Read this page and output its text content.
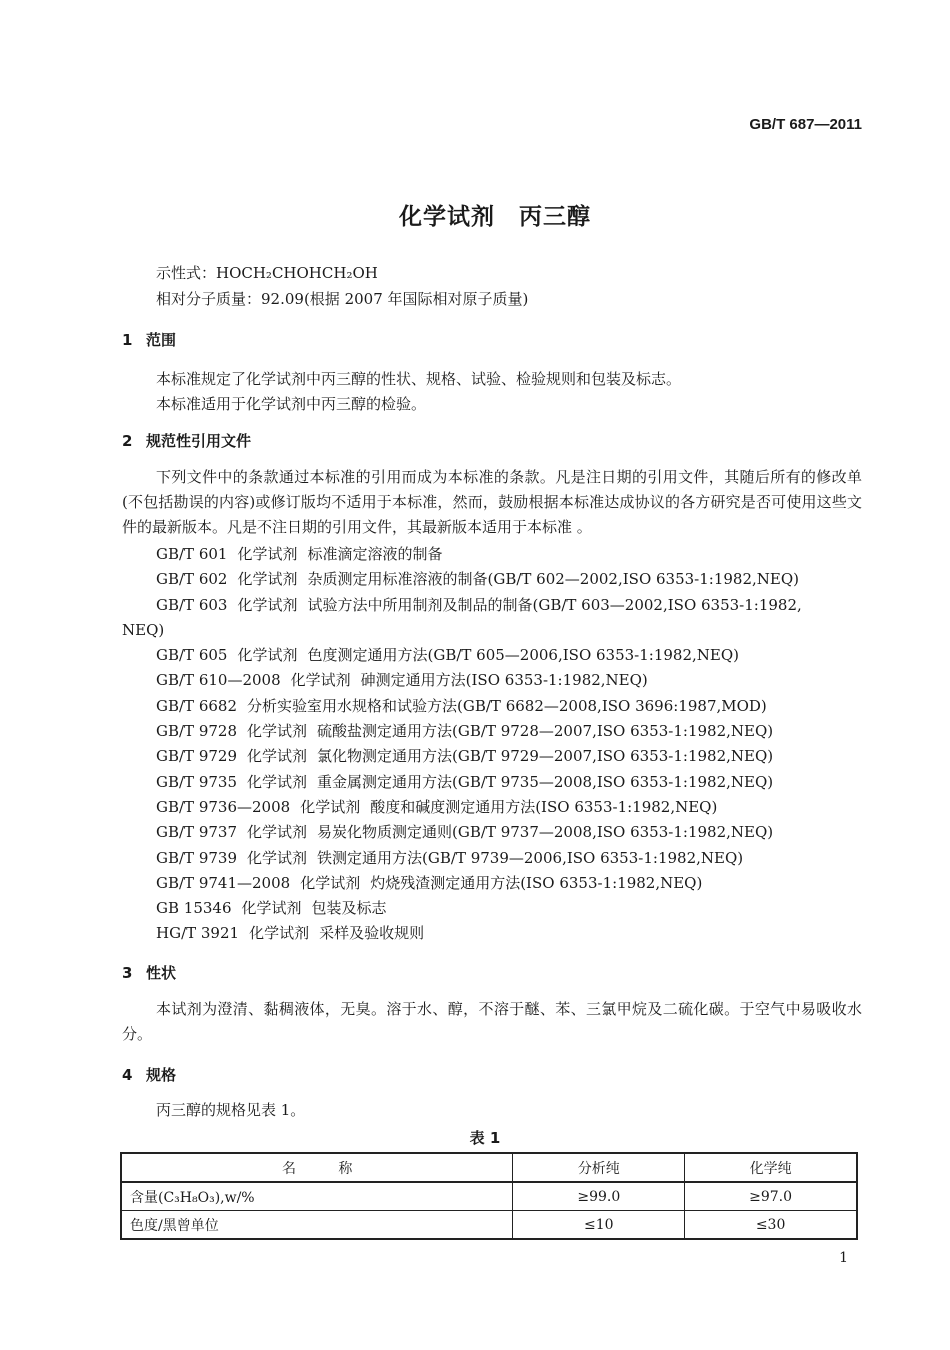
GB/T 687—2011
化学试剂　丙三醇
示性式：HOCH₂CHOHCH₂OH
相对分子质量：92.09(根据 2007 年国际相对原子质量)
1 范围
本标准规定了化学试剂中丙三醇的性状、规格、试验、检验规则和包装及标志。
本标准适用于化学试剂中丙三醇的检验。
2 规范性引用文件

下列文件中的条款通过本标准的引用而成为本标准的条款。凡是注日期的引用文件，其随后所有的修改单(不包括勘误的内容)或修订版均不适用于本标准，然而，鼓励根据本标准达成协议的各方研究是否可使用这些文件的最新版本。凡是不注日期的引用文件，其最新版本适用于本标准 。

GB/T 601 化学试剂 标准滴定溶液的制备
GB/T 602 化学试剂 杂质测定用标准溶液的制备(GB/T 602—2002,ISO 6353-1:1982,NEQ)
GB/T 603 化学试剂 试验方法中所用制剂及制品的制备(GB/T 603—2002,ISO 6353-1:1982,
NEQ)
GB/T 605 化学试剂 色度测定通用方法(GB/T 605—2006,ISO 6353-1:1982,NEQ)
GB/T 610—2008 化学试剂 砷测定通用方法(ISO 6353-1:1982,NEQ)
GB/T 6682 分析实验室用水规格和试验方法(GB/T 6682—2008,ISO 3696:1987,MOD)
GB/T 9728 化学试剂 硫酸盐测定通用方法(GB/T 9728—2007,ISO 6353-1:1982,NEQ)
GB/T 9729 化学试剂 氯化物测定通用方法(GB/T 9729—2007,ISO 6353-1:1982,NEQ)
GB/T 9735 化学试剂 重金属测定通用方法(GB/T 9735—2008,ISO 6353-1:1982,NEQ)
GB/T 9736—2008 化学试剂 酸度和碱度测定通用方法(ISO 6353-1:1982,NEQ)
GB/T 9737 化学试剂 易炭化物质测定通则(GB/T 9737—2008,ISO 6353-1:1982,NEQ)
GB/T 9739 化学试剂 铁测定通用方法(GB/T 9739—2006,ISO 6353-1:1982,NEQ)
GB/T 9741—2008 化学试剂 灼烧残渣测定通用方法(ISO 6353-1:1982,NEQ)
GB 15346 化学试剂 包装及标志
HG/T 3921 化学试剂 采样及验收规则
3 性状

本试剂为澄清、黏稠液体，无臭。溶于水、醇，不溶于醚、苯、三氯甲烷及二硫化碳。于空气中易吸收水分。

4 规格
丙三醇的规格见表 1。
表 1
名 称	分析纯	化学纯
含量(C₃H₈O₃),w/%	≥99.0	≥97.0
色度/黑曾单位	≤10	≤30
1
